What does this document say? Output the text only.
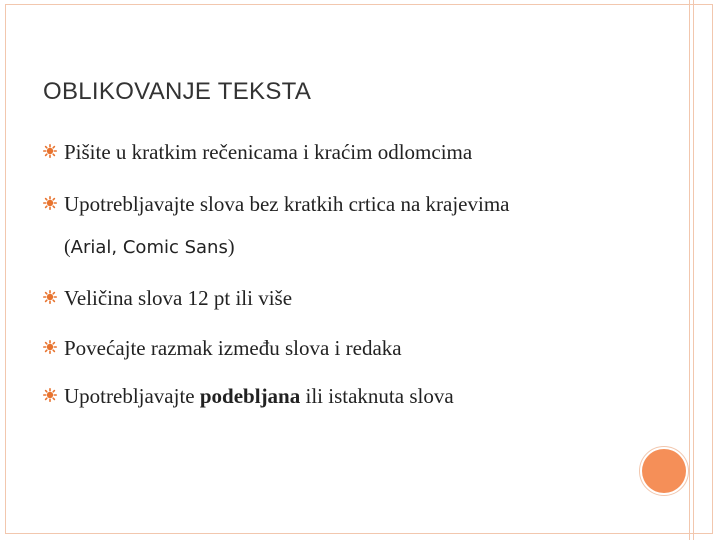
OBLIKOVANJE TEKSTA
Pišite u kratkim rečenicama i kraćim odlomcima
Upotrebljavajte slova bez kratkih crtica na krajevima
Veličina slova 12 pt ili više
Povećajte razmak između slova i redaka
Upotrebljavajte podebljana ili istaknuta slova
(Arial, Comic Sans)
